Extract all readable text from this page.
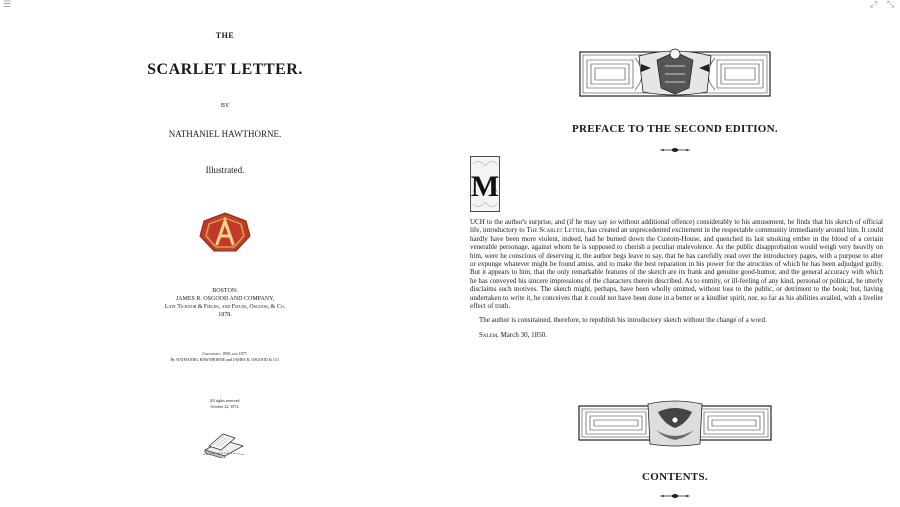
☰	⤢ ⤡
THE
SCARLET LETTER.
BY
NATHANIEL HAWTHORNE.
Illustrated.
BOSTON:
JAMES R. OSGOOD AND COMPANY,
Late Ticknor & Fields, and Fields, Osgood, & Co.
1878.
Copyright, 1850 and 1877.
By NATHANIEL HAWTHORNE and JAMES R. OSGOOD & CO.
All rights reserved.
October 22, 1874.
PREFACE TO THE SECOND EDITION.
M

UCH to the author's surprise, and (if he may say so without additional offence) considerably to his amusement, he finds that his sketch of official life, introductory to The Scarlet Letter, has created an unprecedented excitement in the respectable community immediately around him. It could hardly have been more violent, indeed, had he burned down the Custom-House, and quenched its last smoking ember in the blood of a certain venerable personage, against whom he is supposed to cherish a peculiar malevolence. As the public disapprobation would weigh very heavily on him, were he conscious of deserving it, the author begs leave to say, that he has carefully read over the introductory pages, with a purpose to alter or expunge whatever might be found amiss, and to make the best reparation in his power for the atrocities of which he has been adjudged guilty. But it appears to him, that the only remarkable features of the sketch are its frank and genuine good-humor, and the general accuracy with which he has conveyed his sincere impressions of the characters therein described. As to enmity, or ill-feeling of any kind, personal or political, he utterly disclaims such motives. The sketch might, perhaps, have been wholly omitted, without loss to the public, or detriment to the book; but, having undertaken to write it, he conceives that it could not have been done in a better or a kindlier spirit, nor, so far as his abilities availed, with a livelier effect of truth.

The author is constrained, therefore, to republish his introductory sketch without the change of a word.

Salem, March 30, 1850.
CONTENTS.
